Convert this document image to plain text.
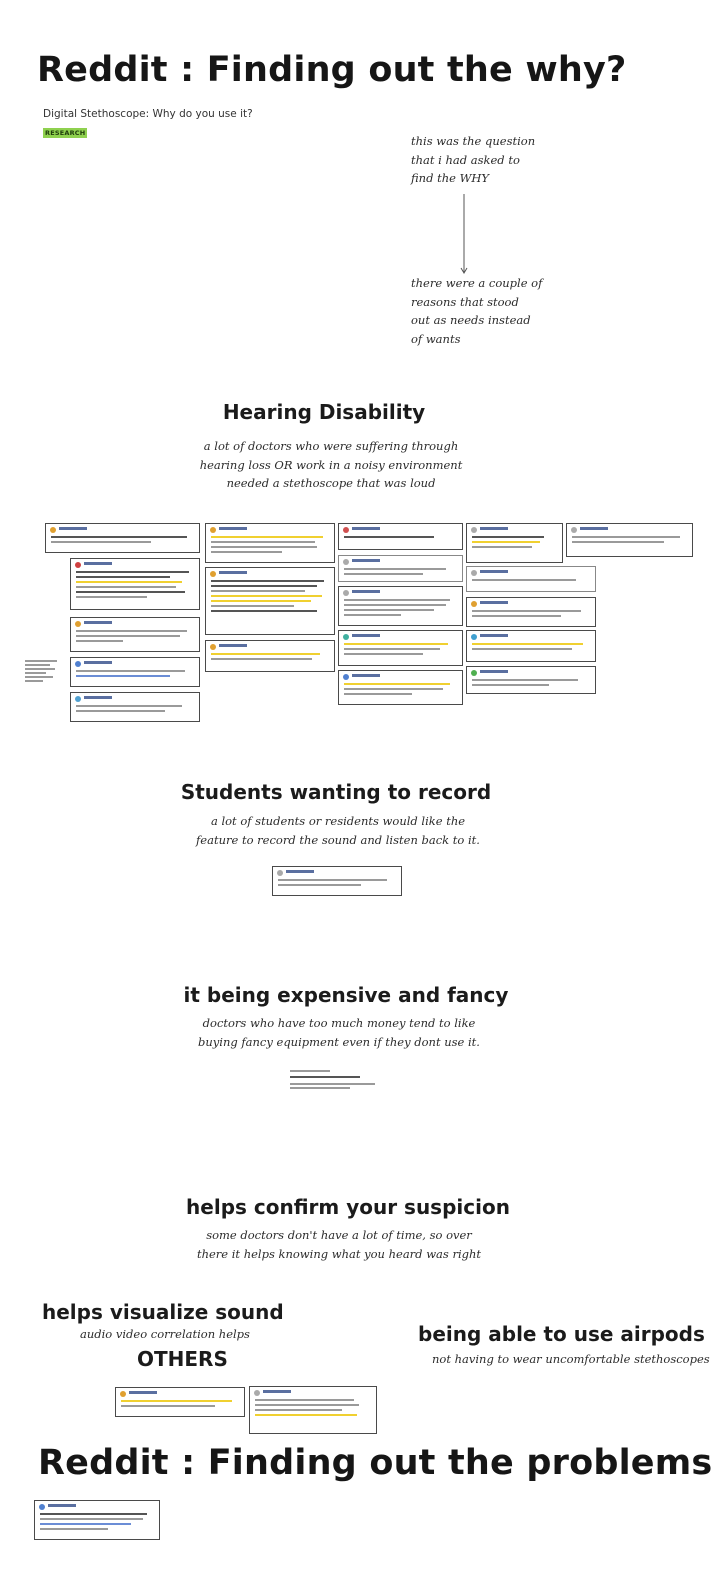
Reddit : Finding out the why?
Digital Stethoscope: Why do you use it?
RESEARCH
this was the question
that i had asked to
find the WHY
there were a couple of
reasons that stood
out as needs instead
of wants
Hearing Disability
a lot of doctors who were suffering through
hearing loss OR work in a noisy environment
needed a stethoscope that was loud
Students wanting to record
a lot of students or residents would like the
feature to record the sound and listen back to it.
it being expensive and fancy
doctors who have too much money tend to like
buying fancy equipment even if they dont use it.
helps confirm your suspicion
some doctors don't have a lot of time, so over
there it helps knowing what you heard was right
helps visualize sound
audio video correlation helps	being able to use airpods
not having to wear uncomfortable stethoscopes
OTHERS
Reddit : Finding out the problems
